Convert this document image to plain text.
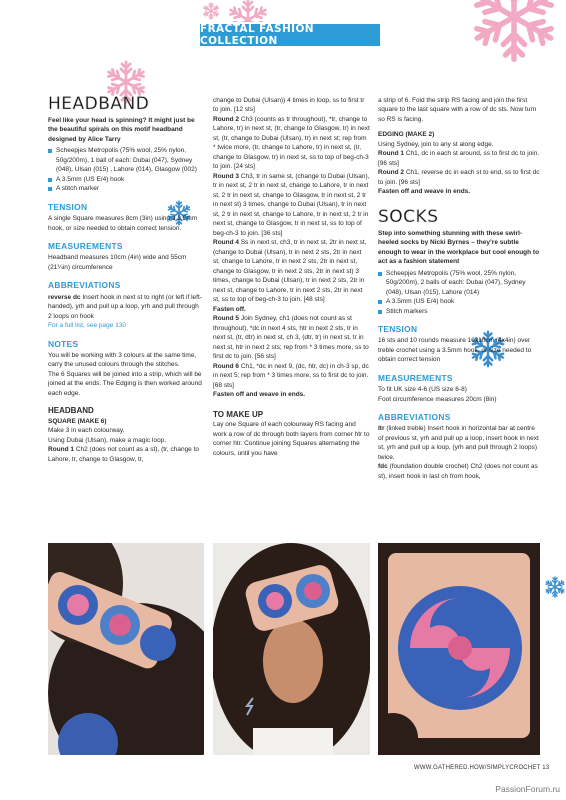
FRACTAL FASHION COLLECTION
HEADBAND

Feel like your head is spinning? It might just be the beautiful spirals on this motif headband designed by Alice Tarry

Scheepjes Metropolis (75% wool, 25% nylon, 50g/200m), 1 ball of each: Dubai (047), Sydney (048), Ulsan (015) , Lahore (014), Glasgow (002)
A 3.5mm (US E/4) hook
A stitch marker
TENSION

A single Square measures 8cm (3in) using a 3.5mm hook, or size needed to obtain correct tension.

MEASUREMENTS

Headband measures 10cm (4in) wide and 55cm (21¼in) circumference

ABBREVIATIONS

reverse dc Insert hook in next st to right (or left if left-handed), yrh and pull up a loop, yrh and pull through 2 loops on hook

For a full list, see page 130

NOTES

You will be working with 3 colours at the same time, carry the unused colours through the stitches.

The 6 Squares will be joined into a strip, which will be joined at the ends. The Edging is then worked around each edge.

HEADBAND
SQUARE (MAKE 6)

Make 3 in each colourway.

Using Dubai (Ulsan), make a magic loop.

Round 1 Ch2 (does not count as a st), (tr, change to Lahore, tr, change to Glasgow, tr,

change to Dubai (Ulsan)) 4 times in loop, ss to first tr to join. [12 sts]

Round 2 Ch3 (counts as tr throughout), *tr, change to Lahore, tr) in next st, (tr, change to Glasgow, tr) in next st, (tr, change to Dubai (Ulsan), tr) in next st; rep from * twice more, (tr, change to Lahore, tr) in next st, (tr, change to Glasgow, tr) in next st, ss to top of beg-ch-3 to join. [24 sts]

Round 3 Ch3, tr in same st, (change to Dubai (Ulsan), tr in next st, 2 tr in next st, change to Lahore, tr in next st, 2 tr in next st, change to Glasgow, tr in next st, 2 tr in next st) 3 times, change to Dubai (Ulsan), tr in next st, 2 tr in next st, change to Lahore, tr in next st, 2 tr in next st, change to Glasgow, tr in next st, ss to top of beg-ch-3 to join. [36 sts]

Round 4 Ss in next st, ch3, tr in next st, 2tr in next st, (change to Dubai (Ulsan), tr in next 2 sts, 2tr in next st, change to Lahore, tr in next 2 sts, 2tr in next st, change to Glasgow, tr in next 2 sts, 2tr in next st) 3 times, change to Dubai (Ulsan), tr in next 2 sts, 2tr in next st, change to Lahore, tr in next 2 sts, 2tr in next st, ss to top of beg-ch-3 to join. [48 sts]

Fasten off.

Round 5 Join Sydney, ch1 (does not count as st throughout), *dc in next 4 sts, htr in next 2 sts, tr in next st, (tr, dtr) in next st, ch 3, (dtr, tr) in next st, tr in next st, htr in next 2 sts; rep from * 3 times more, ss to first dc to join. [56 sts]

Round 6 Ch1, *dc in next 9, (dc, htr, dc) in ch-3 sp, dc in next 5; rep from * 3 times more, ss to first dc to join. [68 sts]

Fasten off and weave in ends.

TO MAKE UP

Lay one Square of each colourway RS facing and work a row of dc through both layers from corner htr to corner htr. Continue joining Squares alternating the colours, until you have

a strip of 6. Fold the strip RS facing and join the first square to the last square with a row of dc sts. Now turn so RS is facing.

EDGING (MAKE 2)

Using Sydney, join to any st along edge.

Round 1 Ch1, dc in each st around, ss to first dc to join. [96 sts]

Round 2 Ch1, reverse dc in each st to end, ss to first dc to join. [96 sts]

Fasten off and weave in ends.

SOCKS

Step into something stunning with these swirl-heeled socks by Nicki Byrnes – they’re subtle enough to wear in the workplace but cool enough to act as a fashion statement

Scheepjes Metropolis (75% wool, 25% nylon, 50g/200m), 2 balls of each: Dubai (047), Sydney (048), Ulsan (015), Lahore (014)
A 3.5mm (US E/4) hook
Stitch markers
TENSION

16 sts and 10 rounds measure 10x10cm (4x4in) over treble crochet using a 3.5mm hook, or size needed to obtain correct tension

MEASUREMENTS

To fit UK size 4-6 (US size 6-8)

Foot circumference measures 20cm (8in)

ABBREVIATIONS

ltr (linked treble) Insert hook in horizontal bar at centre of previous st, yrh and pull up a loop, insert hook in next st, yrh and pull up a loop, (yrh and pull through 2 loops) twice.

fdc (foundation double crochet) Ch2 (does not count as st), insert hook in last ch from hook,

WWW.GATHERED.HOW/SIMPLYCROCHET 13
PassionForum.ru
